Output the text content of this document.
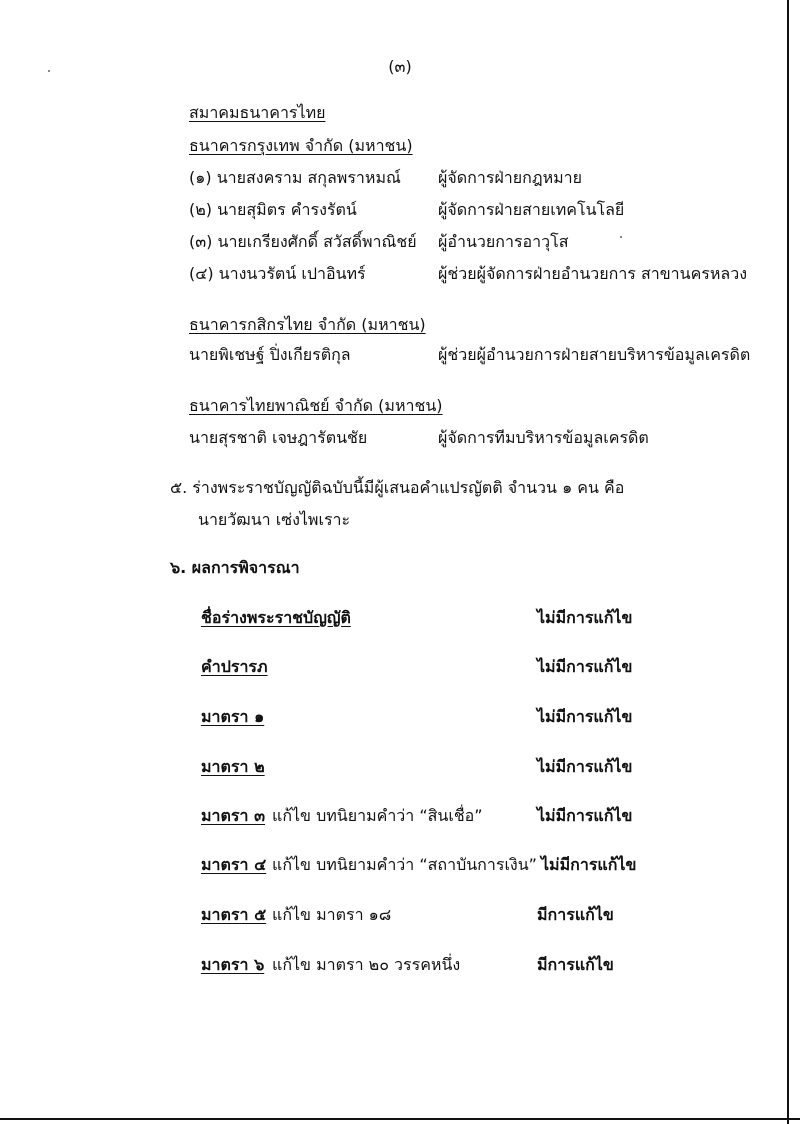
(๓)
สมาคมธนาคารไทย
ธนาคารกรุงเทพ จำกัด (มหาชน)
(๑) นายสงคราม สกุลพราหมณ์ ผู้จัดการฝ่ายกฎหมาย
(๒) นายสุมิตร คำรงรัตน์	ผู้จัดการฝ่ายสายเทคโนโลยี
(๓) นายเกรียงศักดิ์ สวัสดิ์พาณิชย์ ผู้อำนวยการอาวุโส
(๔) นางนวรัตน์ เปาอินทร์	ผู้ช่วยผู้จัดการฝ่ายอำนวยการ สาขานครหลวง
ธนาคารกสิกรไทย จำกัด (มหาชน)
นายพิเชษฐ์ ปิ่งเกียรติกุล	ผู้ช่วยผู้อำนวยการฝ่ายสายบริหารข้อมูลเครดิต
ธนาคารไทยพาณิชย์ จำกัด (มหาชน)
นายสุรชาติ เจษฎารัตนชัย	ผู้จัดการทีมบริหารข้อมูลเครดิต
๕. ร่างพระราชบัญญัติฉบับนี้มีผู้เสนอคำแปรญัตติ จำนวน ๑ คน คือ
นายวัฒนา เซ่งไพเราะ
๖. ผลการพิจารณา
ชื่อร่างพระราชบัญญัติ	ไม่มีการแก้ไข
คำปรารภ	ไม่มีการแก้ไข
มาตรา ๑	ไม่มีการแก้ไข
มาตรา ๒	ไม่มีการแก้ไข
มาตรา ๓ แก้ไข บทนิยามคำว่า “สินเชื่อ”	ไม่มีการแก้ไข
มาตรา ๔ แก้ไข บทนิยามคำว่า “สถาบันการเงิน” ไม่มีการแก้ไข
มาตรา ๕ แก้ไข มาตรา ๑๘	มีการแก้ไข
มาตรา ๖ แก้ไข มาตรา ๒๐ วรรคหนึ่ง	มีการแก้ไข
